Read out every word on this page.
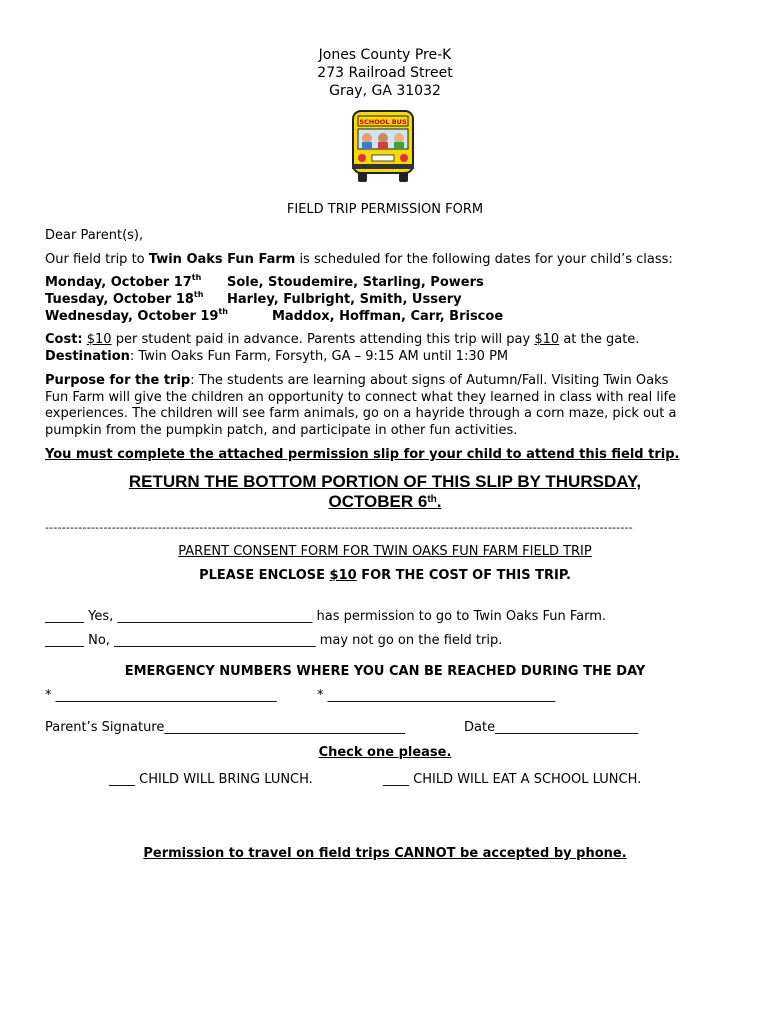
Jones County Pre-K
273 Railroad Street
Gray, GA 31032
SCHOOL BUS
FIELD TRIP PERMISSION FORM
Dear Parent(s),
Our field trip to Twin Oaks Fun Farm is scheduled for the following dates for your child’s class:
Monday, October 17th Sole, Stoudemire, Starling, Powers
Tuesday, October 18th Harley, Fulbright, Smith, Ussery
Wednesday, October 19th	Maddox, Hoffman, Carr, Briscoe
Cost: $10 per student paid in advance. Parents attending this trip will pay $10 at the gate.
Destination: Twin Oaks Fun Farm, Forsyth, GA – 9:15 AM until 1:30 PM
Purpose for the trip: The students are learning about signs of Autumn/Fall. Visiting Twin Oaks
Fun Farm will give the children an opportunity to connect what they learned in class with real life
experiences. The children will see farm animals, go on a hayride through a corn maze, pick out a
pumpkin from the pumpkin patch, and participate in other fun activities.
You must complete the attached permission slip for your child to attend this field trip.
RETURN THE BOTTOM PORTION OF THIS SLIP BY THURSDAY,
OCTOBER 6th.
---------------------------------------------------------------------------------------------------------------------------------------------
PARENT CONSENT FORM FOR TWIN OAKS FUN FARM FIELD TRIP
PLEASE ENCLOSE $10 FOR THE COST OF THIS TRIP.
______ Yes, ______________________________ has permission to go to Twin Oaks Fun Farm.
______ No, _______________________________ may not go on the field trip.
EMERGENCY NUMBERS WHERE YOU CAN BE REACHED DURING THE DAY
* __________________________________	* ___________________________________
Parent’s Signature_____________________________________	Date______________________
Check one please.
____ CHILD WILL BRING LUNCH.	____ CHILD WILL EAT A SCHOOL LUNCH.
Permission to travel on field trips CANNOT be accepted by phone.
